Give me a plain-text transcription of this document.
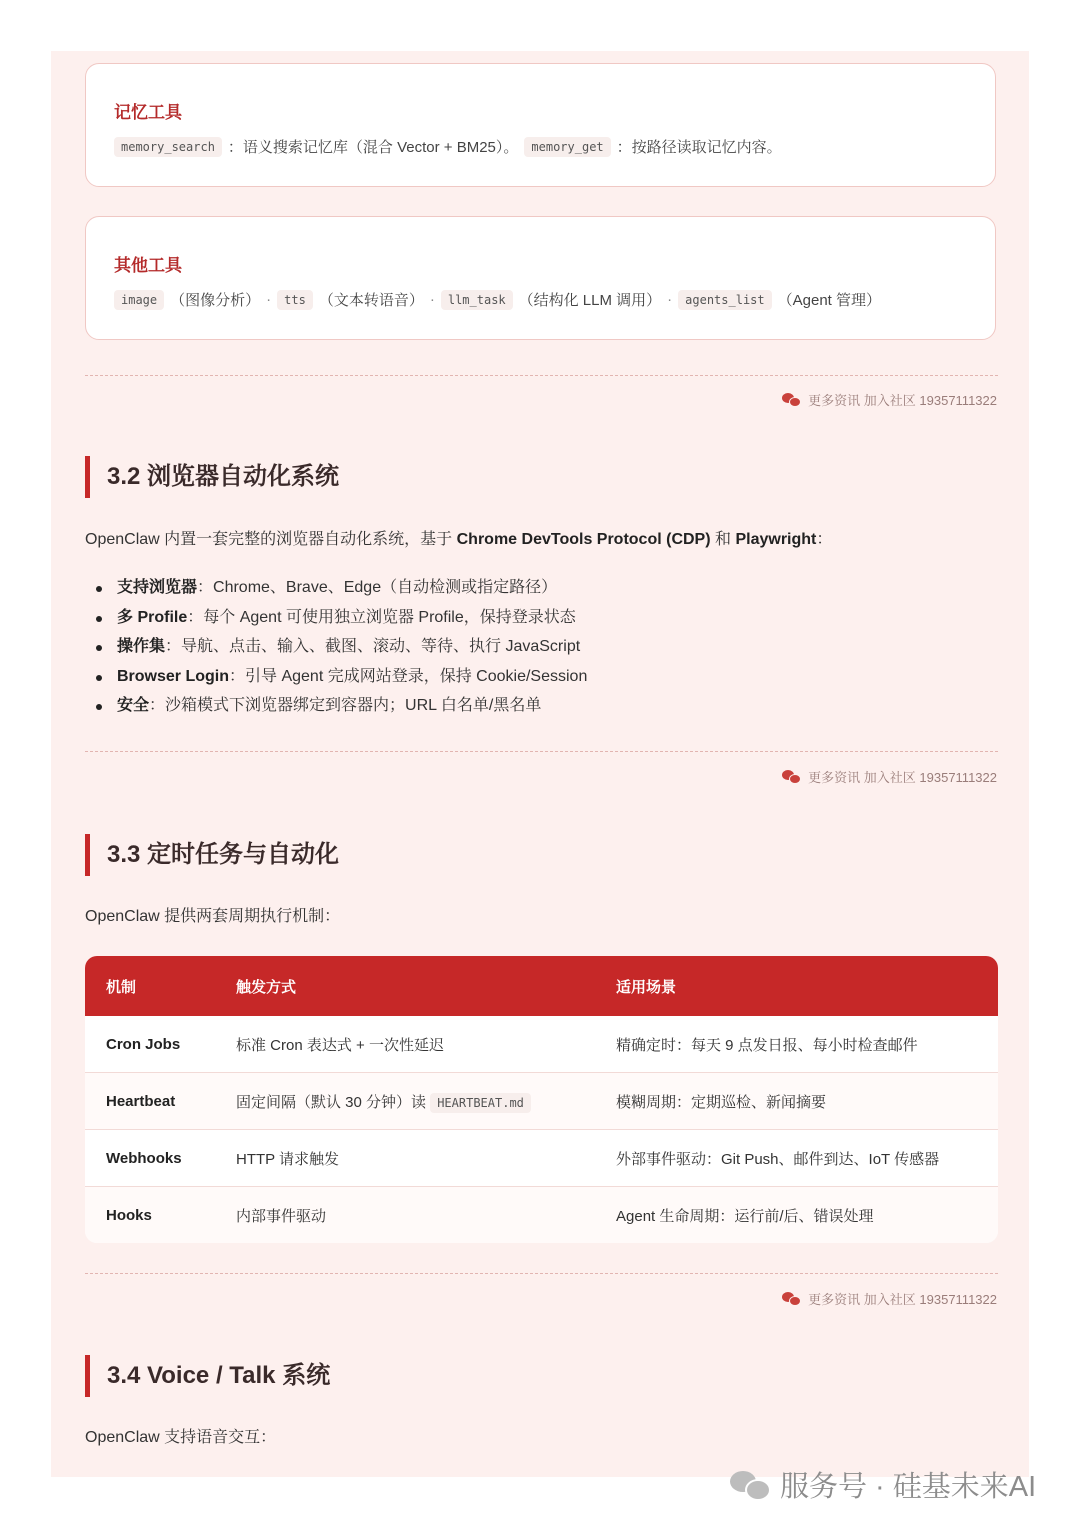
记忆工具
memory_search ：语义搜索记忆库（混合 Vector + BM25）。	memory_get ：按路径读取记忆内容。
其他工具
image （图像分析） ·	tts （文本转语音） ·	llm_task （结构化 LLM 调用） ·	agents_list （Agent 管理）
更多资讯 加入社区 19357111322
3.2 浏览器自动化系统

OpenClaw 内置一套完整的浏览器自动化系统，基于 Chrome DevTools Protocol (CDP) 和 Playwright：

支持浏览器：Chrome、Brave、Edge（自动检测或指定路径）
多 Profile：每个 Agent 可使用独立浏览器 Profile，保持登录状态
操作集：导航、点击、输入、截图、滚动、等待、执行 JavaScript
Browser Login：引导 Agent 完成网站登录，保持 Cookie/Session
安全：沙箱模式下浏览器绑定到容器内；URL 白名单/黑名单
更多资讯 加入社区 19357111322
3.3 定时任务与自动化

OpenClaw 提供两套周期执行机制：

机制	触发方式	适用场景
Cron Jobs	标准 Cron 表达式 + 一次性延迟	精确定时：每天 9 点发日报、每小时检查邮件
Heartbeat	固定间隔（默认 30 分钟）读 HEARTBEAT.md	模糊周期：定期巡检、新闻摘要
Webhooks	HTTP 请求触发	外部事件驱动：Git Push、邮件到达、IoT 传感器
Hooks	内部事件驱动	Agent 生命周期：运行前/后、错误处理
更多资讯 加入社区 19357111322
3.4 Voice / Talk 系统

OpenClaw 支持语音交互：

服务号 · 硅基未来AI
